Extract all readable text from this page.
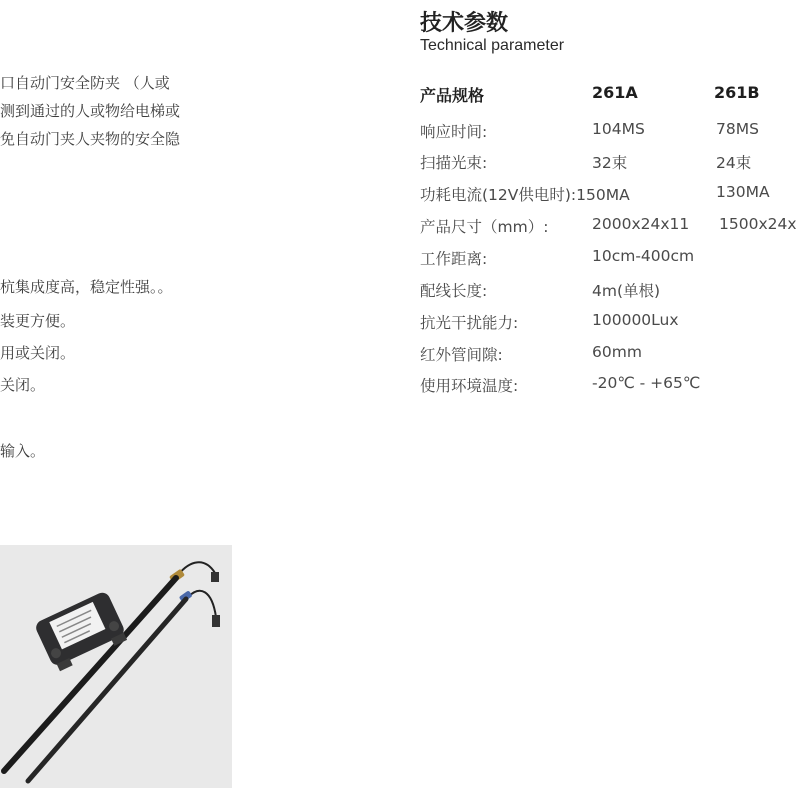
口自动门安全防夹 （人或
测到通过的人或物给电梯或
免自动门夹人夹物的安全隐
杭集成度高，稳定性强。。
装更方便。
用或关闭。
关闭。
输入。
技术参数
Technical parameter
产品规格	261A	261B
响应时间:	104MS	78MS
扫描光束:	32束	24束
功耗电流(12V供电时):150MA	130MA
产品尺寸（mm）:	2000x24x11 1500x24x
工作距离:	10cm-400cm
配线长度:	4m(单根)
抗光干扰能力:	100000Lux
红外管间隙:	60mm
使用环境温度:	-20℃ - +65℃
